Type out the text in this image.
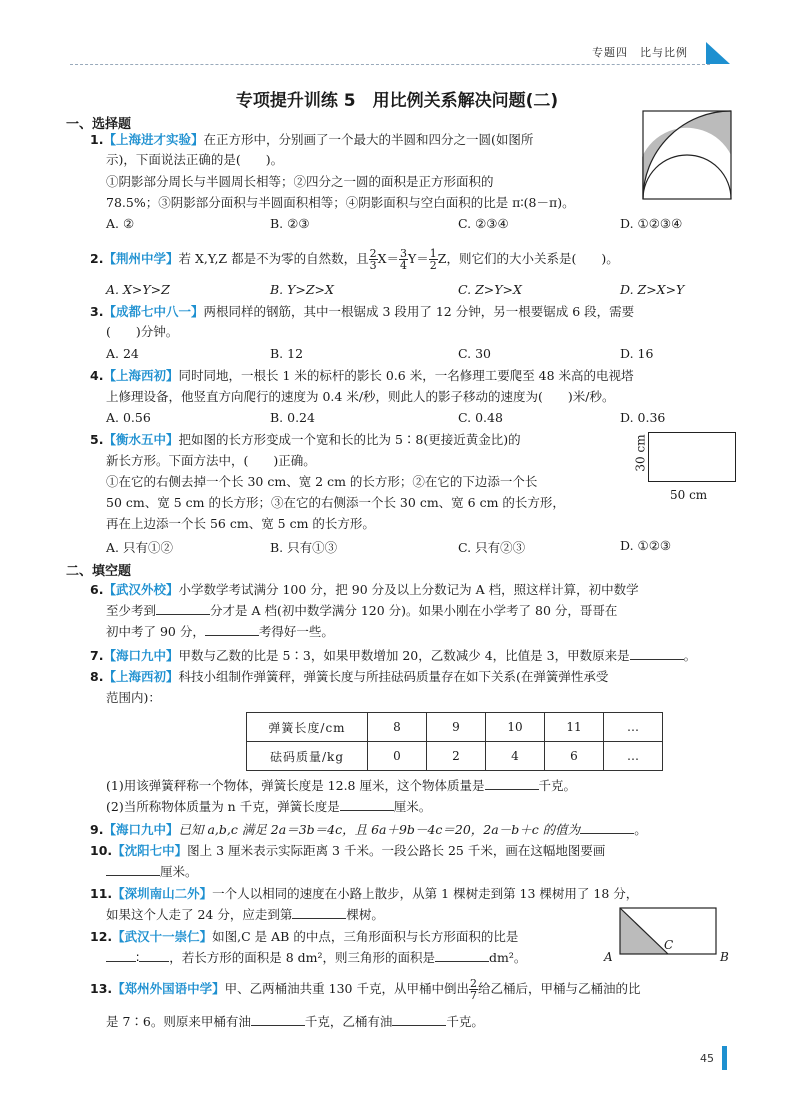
专题四　比与比例
专项提升训练 5　用比例关系解决问题(二)
一、选择题
1.【上海进才实验】在正方形中，分别画了一个最大的半圆和四分之一圆(如图所
示)，下面说法正确的是(　　)。
①阴影部分周长与半圆周长相等；②四分之一圆的面积是正方形面积的
78.5%；③阴影部分面积与半圆面积相等；④阴影面积与空白面积的比是 π∶(8－π)。
A. ②	B. ②③	C. ②③④	D. ①②③④
2.【荆州中学】若 X,Y,Z 都是不为零的自然数，且 $\frac{2}{3} X= \frac{3}{4} Y= \frac{1}{2}$ Z，则它们的大小关系是(　　)。
A. X>Y>Z	B. Y>Z>X	C. Z>Y>X	D. Z>X>Y
3.【成都七中八一】两根同样的钢筋，其中一根锯成 3 段用了 12 分钟，另一根要锯成 6 段，需要
(　　)分钟。
A. 24	B. 12	C. 30	D. 16
4.【上海西初】同时同地，一根长 1 米的标杆的影长 0.6 米，一名修理工要爬至 48 米高的电视塔
上修理设备，他竖直方向爬行的速度为 0.4 米/秒，则此人的影子移动的速度为(　　)米/秒。
A. 0.56	B. 0.24	C. 0.48	D. 0.36
5.【衡水五中】把如图的长方形变成一个宽和长的比为 5∶8(更接近黄金比)的
新长方形。下面方法中，(　　)正确。
①在它的右侧去掉一个长 30 cm、宽 2 cm 的长方形；②在它的下边添一个长
50 cm、宽 5 cm 的长方形；③在它的右侧添一个长 30 cm、宽 6 cm 的长方形，
再在上边添一个长 56 cm、宽 5 cm 的长方形。
A. 只有①②	B. 只有①③	C. 只有②③	D. ①②③
30 cm
50 cm
二、填空题
6.【武汉外校】小学数学考试满分 100 分，把 90 分及以上分数记为 A 档，照这样计算，初中数学
至少考到	分才是 A 档(初中数学满分 120 分)。如果小刚在小学考了 80 分，哥哥在
初中考了 90 分，	考得好一些。
7.【海口九中】甲数与乙数的比是 5∶3，如果甲数增加 20，乙数减少 4，比值是 3，甲数原来是	。
8.【上海西初】科技小组制作弹簧秤，弹簧长度与所挂砝码质量存在如下关系(在弹簧弹性承受
范围内)：
弹簧长度/cm	8	9	10	11	…
砝码质量/kg	0	2	4	6	…
(1)用该弹簧秤称一个物体，弹簧长度是 12.8 厘米，这个物体质量是	千克。
(2)当所称物体质量为 n 千克，弹簧长度是	厘米。
9.【海口九中】已知 a,b,c 满足 2a＝3b＝4c，且 6a＋9b－4c＝20，2a－b＋c 的值为	。
10.【沈阳七中】图上 3 厘米表示实际距离 3 千米。一段公路长 25 千米，画在这幅地图要画
厘米。
11.【深圳南山二外】一个人以相同的速度在小路上散步，从第 1 棵树走到第 13 棵树用了 18 分，
如果这个人走了 24 分，应走到第	棵树。
12.【武汉十一崇仁】如图,C 是 AB 的中点，三角形面积与长方形面积的比是
∶ ，若长方形的面积是 8 dm²，则三角形的面积是	dm²。	A	B
C
13.【郑州外国语中学】甲、乙两桶油共重 130 千克，从甲桶中倒出 $\frac{2}{7}$ 给乙桶后，甲桶与乙桶油的比
是 7∶6。则原来甲桶有油	千克，乙桶有油	千克。
45
